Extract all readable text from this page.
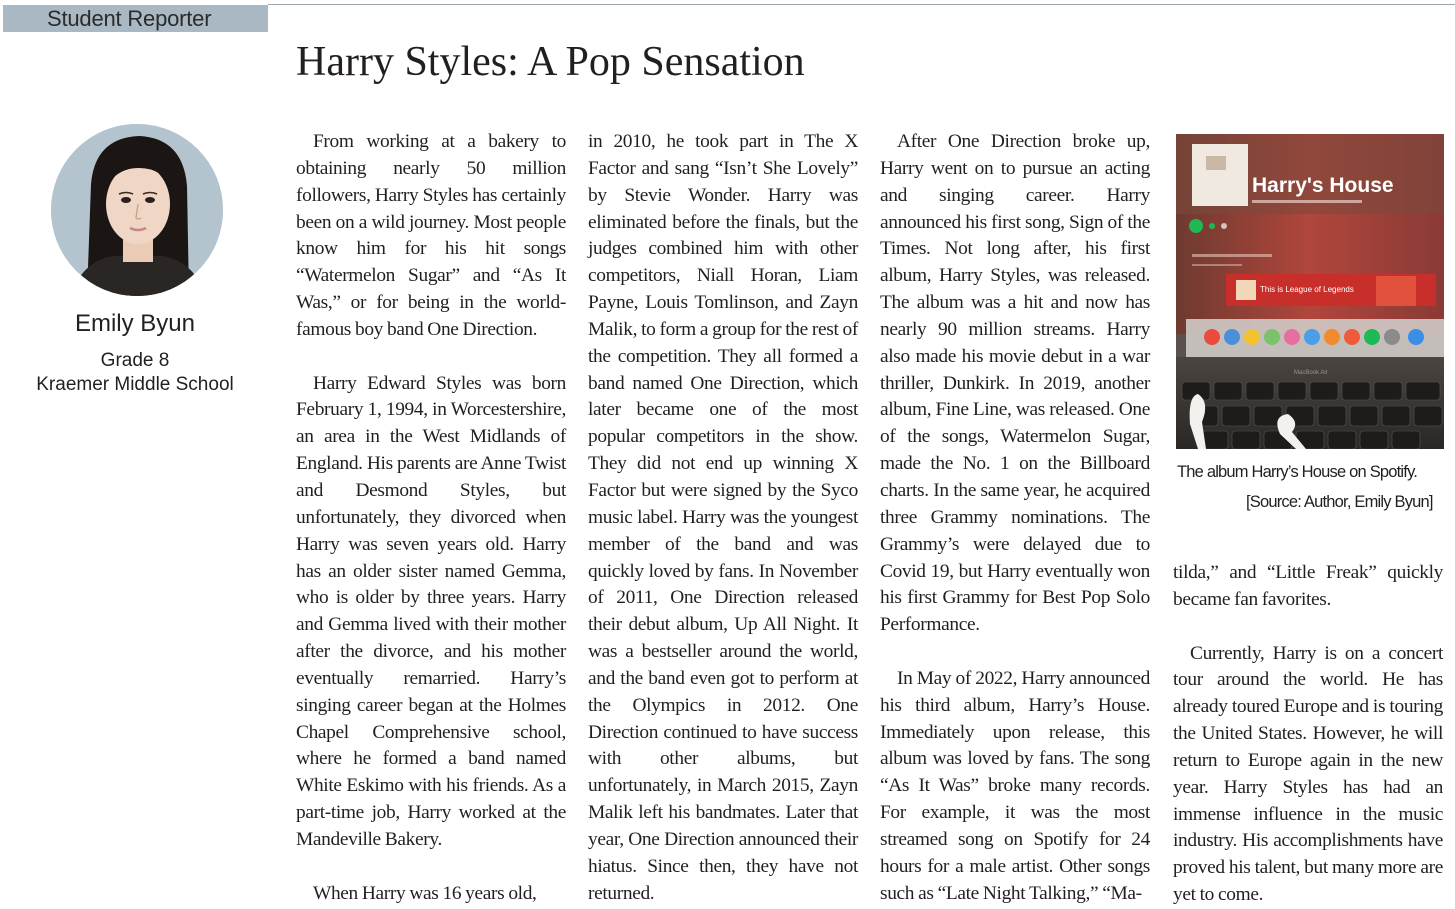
Student Reporter
Harry Styles: A Pop Sensation
Emily Byun
Grade 8
Kraemer Middle School

From working at a bakery to obtaining nearly 50 million followers, Harry Styles has certainly been on a wild journey. Most people know him for his hit songs “Watermelon Sugar” and “As It Was,” or for being in the world-famous boy band One Direction.

Harry Edward Styles was born February 1, 1994, in Worcestershire, an area in the West Midlands of England. His parents are Anne Twist and Desmond Styles, but unfortunately, they divorced when Harry was seven years old. Harry has an older sister named Gemma, who is older by three years. Harry and Gemma lived with their mother after the divorce, and his mother eventually remarried. Harry’s singing career began at the Holmes Chapel Comprehensive school, where he formed a band named White Eskimo with his friends. As a part-time job, Harry worked at the Mandeville Bakery.

When Harry was 16 years old,

in 2010, he took part in The X Factor and sang “Isn’t She Lovely” by Stevie Wonder. Harry was eliminated before the finals, but the judges combined him with other competitors, Niall Horan, Liam Payne, Louis Tomlinson, and Zayn Malik, to form a group for the rest of the competition. They all formed a band named One Direction, which later became one of the most popular competitors in the show. They did not end up winning X Factor but were signed by the Syco music label. Harry was the youngest member of the band and was quickly loved by fans. In November of 2011, One Direction released their debut album, Up All Night. It was a bestseller around the world, and the band even got to perform at the Olympics in 2012. One Direction continued to have success with other albums, but unfortunately, in March 2015, Zayn Malik left his bandmates. Later that year, One Direction announced their hiatus. Since then, they have not returned.

After One Direction broke up, Harry went on to pursue an acting and singing career. Harry announced his first song, Sign of the Times. Not long after, his first album, Harry Styles, was released. The album was a hit and now has nearly 90 million streams. Harry also made his movie debut in a war thriller, Dunkirk. In 2019, another album, Fine Line, was released. One of the songs, Watermelon Sugar, made the No. 1 on the Billboard charts. In the same year, he acquired three Grammy nominations. The Grammy’s were delayed due to Covid 19, but Harry eventually won his first Grammy for Best Pop Solo Performance.

In May of 2022, Harry announced his third album, Harry’s House. Immediately upon release, this album was loved by fans. The song “As It Was” broke many records. For example, it was the most streamed song on Spotify for 24 hours for a male artist. Other songs such as “Late Night Talking,” “Ma-

Harry's House
This is League of Legends
MacBook Air
The album Harry’s House on Spotify.
[Source: Author, Emily Byun]

tilda,” and “Little Freak” quickly became fan favorites.

Currently, Harry is on a concert tour around the world. He has already toured Europe and is touring the United States. However, he will return to Europe again in the new year. Harry Styles has had an immense influence in the music industry. His accomplishments have proved his talent, but many more are yet to come.
